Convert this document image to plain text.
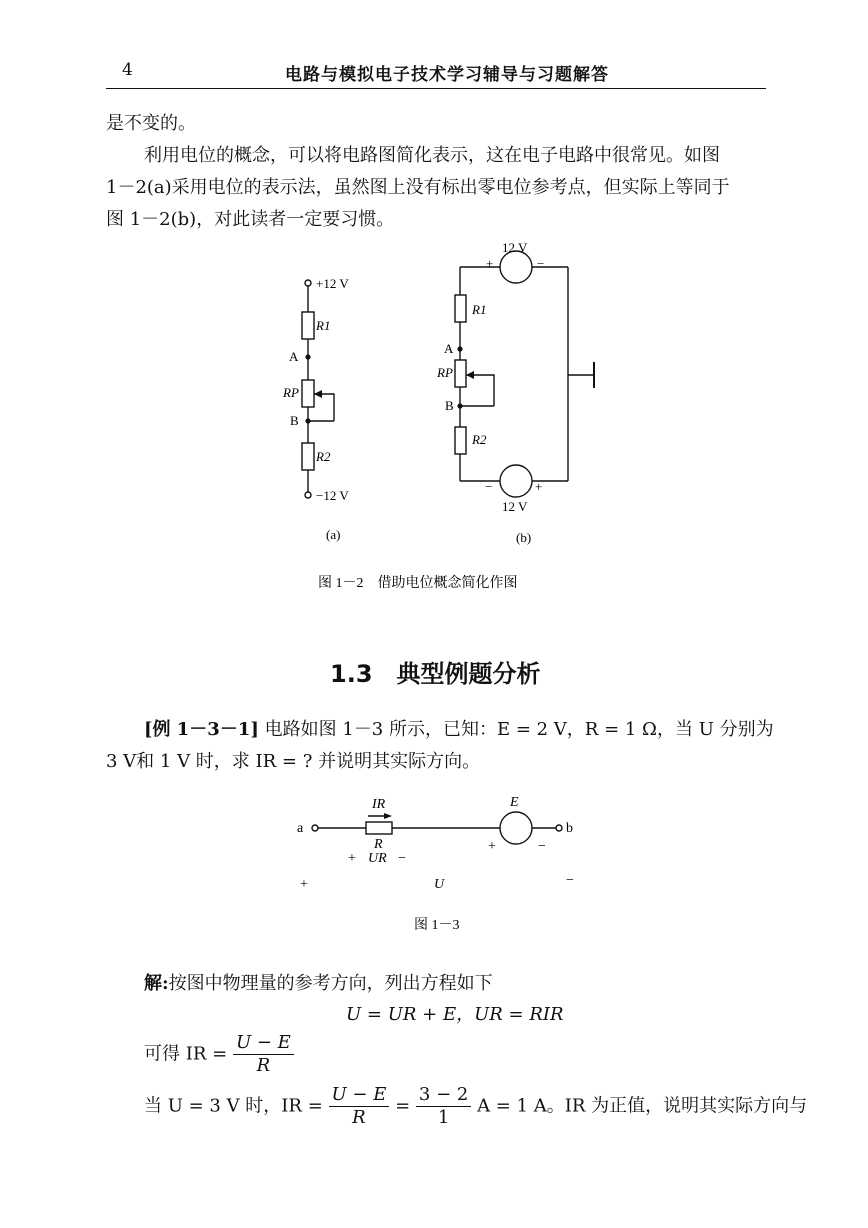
4	电路与模拟电子技术学习辅导与习题解答
是不变的。
利用电位的概念，可以将电路图简化表示，这在电子电路中很常见。如图
1－2(a)采用电位的表示法，虽然图上没有标出零电位参考点，但实际上等同于
图 1－2(b)，对此读者一定要习惯。
+12 V
R1
A
RP
B
R2
−12 V
(a)
12 V
+	−
R1
A
RP
B
R2
−	+
12 V
(b)
图 1－2　借助电位概念简化作图
a	b
IR
R
E
+ UR −
+	−
+	U	−
图 1－3
1.3　典型例题分析
[例 1－3－1] 电路如图 1－3 所示，已知：E = 2 V，R = 1 Ω，当 U 分别为
3 V和 1 V 时，求 IR = ? 并说明其实际方向。
解:按图中物理量的参考方向，列出方程如下
U = UR + E，UR = RIR
可得 IR = $\frac{U - E}{R}$
当 U = 3 V 时，IR = $\frac{U - E}{R} = \frac{3 - 2}{1}$ A = 1 A。IR 为正值，说明其实际方向与
